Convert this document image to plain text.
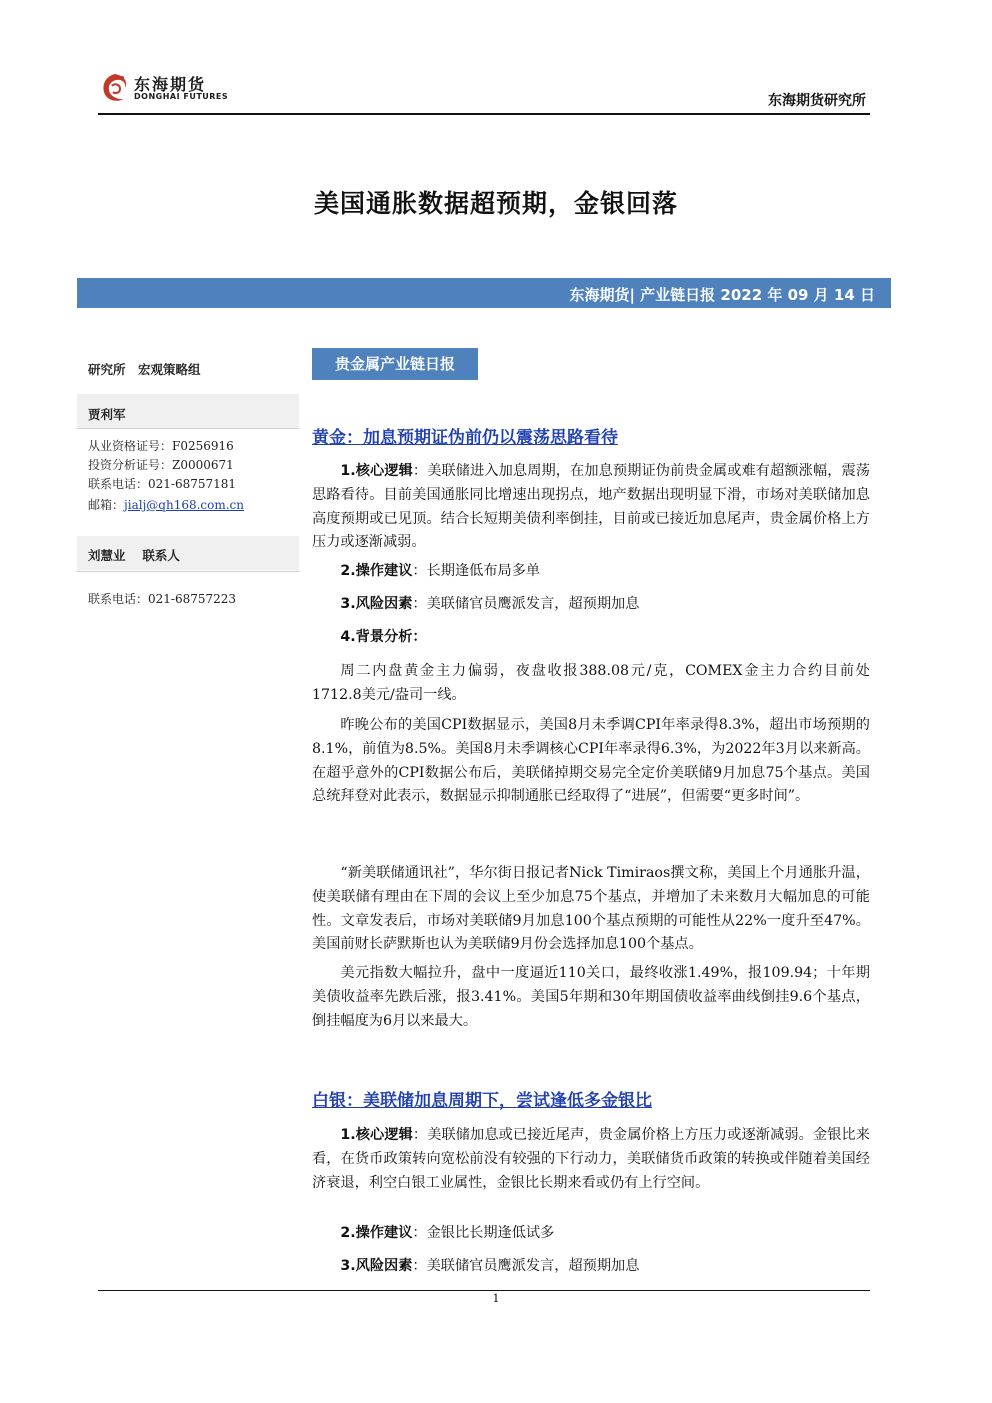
东海期货
DONGHAI FUTURES	东海期货研究所
美国通胀数据超预期，金银回落
东海期货| 产业链日报 2022 年 09 月 14 日
研究所　宏观策略组
贾利军
从业资格证号：F0256916
投资分析证号：Z0000671
联系电话：021-68757181
邮箱：jialj@qh168.com.cn
刘慧业　 联系人
联系电话：021-68757223
贵金属产业链日报
黄金：加息预期证伪前仍以震荡思路看待
1.核心逻辑：美联储进入加息周期，在加息预期证伪前贵金属或难有超额涨幅，震荡思路看待。目前美国通胀同比增速出现拐点，地产数据出现明显下滑，市场对美联储加息高度预期或已见顶。结合长短期美债利率倒挂，目前或已接近加息尾声，贵金属价格上方压力或逐渐减弱。
2.操作建议：长期逢低布局多单
3.风险因素：美联储官员鹰派发言，超预期加息
4.背景分析：
周二内盘黄金主力偏弱，夜盘收报388.08元/克，COMEX金主力合约目前处1712.8美元/盎司一线。
昨晚公布的美国CPI数据显示，美国8月未季调CPI年率录得8.3%，超出市场预期的8.1%，前值为8.5%。美国8月未季调核心CPI年率录得6.3%，为2022年3月以来新高。在超乎意外的CPI数据公布后，美联储掉期交易完全定价美联储9月加息75个基点。美国总统拜登对此表示，数据显示抑制通胀已经取得了“进展”，但需要“更多时间”。
“新美联储通讯社”，华尔街日报记者Nick Timiraos撰文称，美国上个月通胀升温，使美联储有理由在下周的会议上至少加息75个基点，并增加了未来数月大幅加息的可能性。文章发表后，市场对美联储9月加息100个基点预期的可能性从22%一度升至47%。美国前财长萨默斯也认为美联储9月份会选择加息100个基点。
美元指数大幅拉升，盘中一度逼近110关口，最终收涨1.49%，报109.94；十年期美债收益率先跌后涨，报3.41%。美国5年期和30年期国债收益率曲线倒挂9.6个基点，倒挂幅度为6月以来最大。
白银：美联储加息周期下，尝试逢低多金银比
1.核心逻辑：美联储加息或已接近尾声，贵金属价格上方压力或逐渐减弱。金银比来看，在货币政策转向宽松前没有较强的下行动力，美联储货币政策的转换或伴随着美国经济衰退，利空白银工业属性，金银比长期来看或仍有上行空间。
2.操作建议：金银比长期逢低试多
3.风险因素：美联储官员鹰派发言，超预期加息
1
